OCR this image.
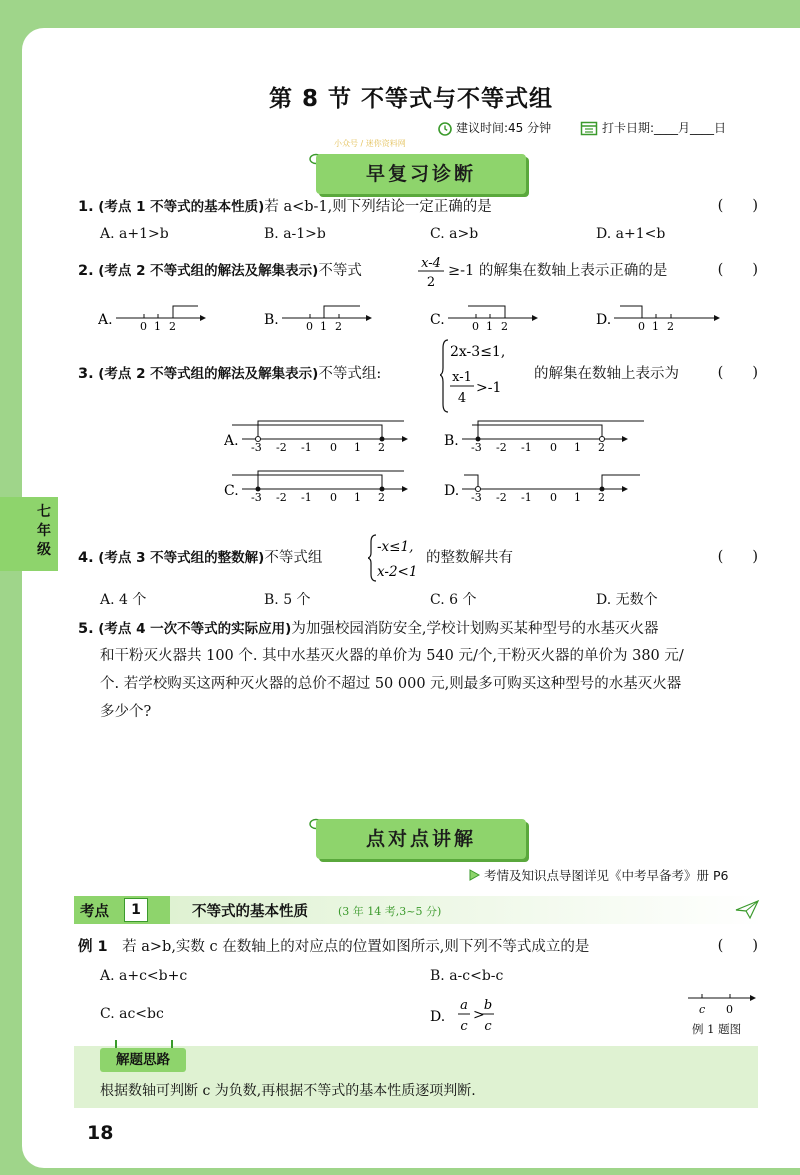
第 8 节 不等式与不等式组
建议时间:45 分钟	打卡日期:____月____日
小众号 / 迷你资料网
早复习诊断
1. (考点 1 不等式的基本性质)若 a<b-1,则下列结论一定正确的是	(　　)
A. a+1>b	B. a-1>b	C. a>b	D. a+1<b
2. (考点 2 不等式组的解法及解集表示)不等式	x-4
2
≥-1 的解集在数轴上表示正确的是	(　　)
A. 0 1 2	B. 0 1 2	C. 0 1 2	D. 0 1 2
3. (考点 2 不等式组的解法及解集表示)不等式组:
2x-3≤1,
x-1
4
>-1
的解集在数轴上表示为	(　　)
A. -3 -2 -1 0 1 2	B. -3 -2 -1 0 1 2
C. -3 -2 -1 0 1 2	D. -3 -2 -1 0 1 2
4. (考点 3 不等式组的整数解)不等式组
-x≤1,
x-2<1
的整数解共有	(　　)
A. 4 个	B. 5 个	C. 6 个	D. 无数个
5. (考点 4 一次不等式的实际应用)为加强校园消防安全,学校计划购买某种型号的水基灭火器
和干粉灭火器共 100 个. 其中水基灭火器的单价为 540 元/个,干粉灭火器的单价为 380 元/
个. 若学校购买这两种灭火器的总价不超过 50 000 元,则最多可购买这种型号的水基灭火器
多少个?
点对点讲解
考情及知识点导图详见《中考早备考》册 P6
考点	1	不等式的基本性质	(3 年 14 考,3~5 分)
例 1　 若 a>b,实数 c 在数轴上的对应点的位置如图所示,则下列不等式成立的是	(　　)
A. a+c<b+c	B. a-c<b-c
C. ac<bc	D.
a
c
>
b
c
c 0
例 1 题图
解题思路
根据数轴可判断 c 为负数,再根据不等式的基本性质逐项判断.
18
七年级
